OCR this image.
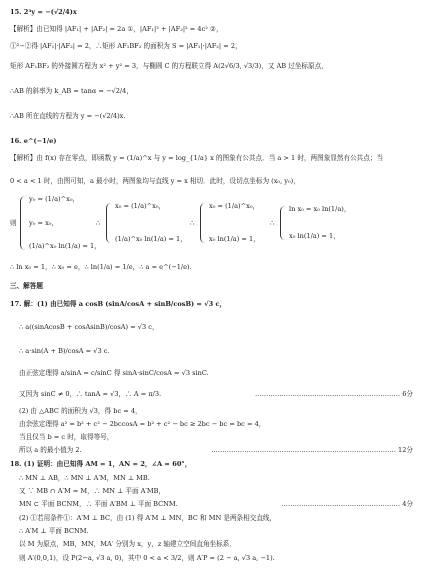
15. 2³y = −(√2/4)x
【解析】由已知得 |AF₁| + |AF₂| = 2a ①，|AF₁|² + |AF₂|² = 4c² ②，
①²−②得 |AF₁|·|AF₂| = 2，∴矩形 AF₁BF₂ 的面积为 S = |AF₁|·|AF₂| = 2，
矩形 AF₁BF₂ 的外接圆方程为 x² + y² = 3，与椭圆 C 的方程联立得 A(2√6/3, √3/3)，又 AB 过坐标原点，
∴AB 的斜率为 k_AB = tanα = −√2/4，
∴AB 所在直线的方程为 y = −(√2/4)x.
16. e^(−1/e)
【解析】由 f(x) 存在零点，即函数 y = (1/a)^x 与 y = log_{1/a} x 的图象有公共点．当 a > 1 时，两图象显然有公共点；当
0 < a < 1 时，由图可知，a 最小时，两图象均与直线 y = x 相切．此时，设切点坐标为 (x₀, y₀)，
则
y₀ = (1/a)^x₀，
y₀ = x₀，
(1/a)^x₀ ln(1/a) = 1，
∴
x₀ = (1/a)^x₀，
(1/a)^x₀ ln(1/a) = 1，
∴
x₀ = (1/a)^x₀，
x₀ ln(1/a) = 1，
∴
ln x₀ = x₀ ln(1/a)，
x₀ ln(1/a) = 1，
∴ ln x₀ = 1，∴ x₀ = e，∴ ln(1/a) = 1/e，∴ a = e^(−1/e).
三、解答题
17. 解：(1) 由已知得 a cosB (sinA/cosA + sinB/cosB) = √3 c，
∴ a((sinAcosB + cosAsinB)/cosA) = √3 c，
∴ a·sin(A + B)/cosA = √3 c.
由正弦定理得 a/sinA = c/sinC 得 sinA·sinC/cosA = √3 sinC.
又因为 sinC ≠ 0，∴ tanA = √3，∴ A = π/3.	………………………………………………………… 6分
(2) 由 △ABC 的面积为 √3，得 bc = 4，
由余弦定理得 a² = b² + c² − 2bccosA = b² + c² − bc ≥ 2bc − bc = bc = 4，
当且仅当 b = c 时，取得等号，
所以 a 的最小值为 2.	………………………………………………………………………… 12分
18. (1) 证明：由已知得 AM = 1，AN = 2，∠A = 60°，
∴ MN ⊥ AB，∴ MN ⊥ A′M，MN ⊥ MB.
又 ∵ MB ∩ A′M = M，∴ MN ⊥ 平面 A′MB，
MN ⊂ 平面 BCNM，∴ 平面 A′BM ⊥ 平面 BCNM.	……………………………………………… 4分
(2) ①若用条件①：A′M ⊥ BC，由 (1) 得 A′M ⊥ MN，BC 和 MN 是两条相交直线，
∴ A′M ⊥ 平面 BCNM.
以 M 为原点，MB，MN，MA′ 分别为 x，y，z 轴建立空间直角坐标系．
则 A′(0,0,1)，设 P(2−a, √3 a, 0)，其中 0 < a < 3/2，则 A′P = (2 − a, √3 a, −1).
